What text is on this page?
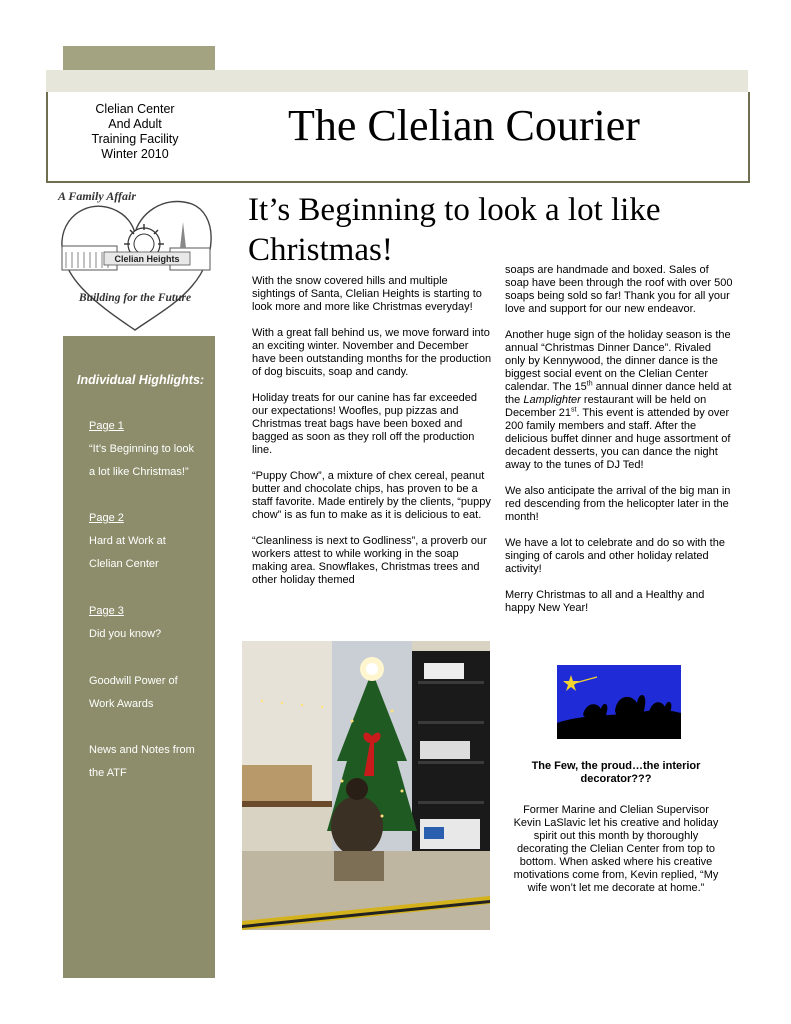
Clelian Center
And Adult
Training Facility
Winter 2010
The Clelian Courier
A Family Affair
Clelian Heights
Building for the Future
Individual Highlights:
Page 1
“It’s Beginning to look
a lot like Christmas!”
Page 2
Hard at Work at
Clelian Center
Page 3
Did you know?
Goodwill Power of
Work Awards
News and Notes from
the ATF
It’s Beginning to look a lot like Christmas!

With the snow covered hills and multiple sightings of Santa, Clelian Heights is starting to look more and more like Christmas everyday!

With a great fall behind us, we move forward into an exciting winter. November and December have been outstanding months for the production of dog biscuits, soap and candy.

Holiday treats for our canine has far exceeded our expectations! Woofles, pup pizzas and Christmas treat bags have been boxed and bagged as soon as they roll off the production line.

“Puppy Chow”, a mixture of chex cereal, peanut butter and chocolate chips, has proven to be a staff favorite. Made entirely by the clients, “puppy chow” is as fun to make as it is delicious to eat.

“Cleanliness is next to Godliness”, a proverb our workers attest to while working in the soap making area. Snowflakes, Christmas trees and other holiday themed

soaps are handmade and boxed. Sales of soap have been through the roof with over 500 soaps being sold so far! Thank you for all your love and support for our new endeavor.

Another huge sign of the holiday season is the annual “Christmas Dinner Dance”. Rivaled only by Kennywood, the dinner dance is the biggest social event on the Clelian Center calendar. The 15th annual dinner dance held at the Lamplighter restaurant will be held on December 21st. This event is attended by over 200 family members and staff. After the delicious buffet dinner and huge assortment of decadent desserts, you can dance the night away to the tunes of DJ Ted!

We also anticipate the arrival of the big man in red descending from the helicopter later in the month!

We have a lot to celebrate and do so with the singing of carols and other holiday related activity!

Merry Christmas to all and a Healthy and happy New Year!

The Few, the proud…the interior decorator???
Former Marine and Clelian Supervisor Kevin LaSlavic let his creative and holiday spirit out this month by thoroughly decorating the Clelian Center from top to bottom. When asked where his creative motivations come from, Kevin replied, “My wife won’t let me decorate at home.”
